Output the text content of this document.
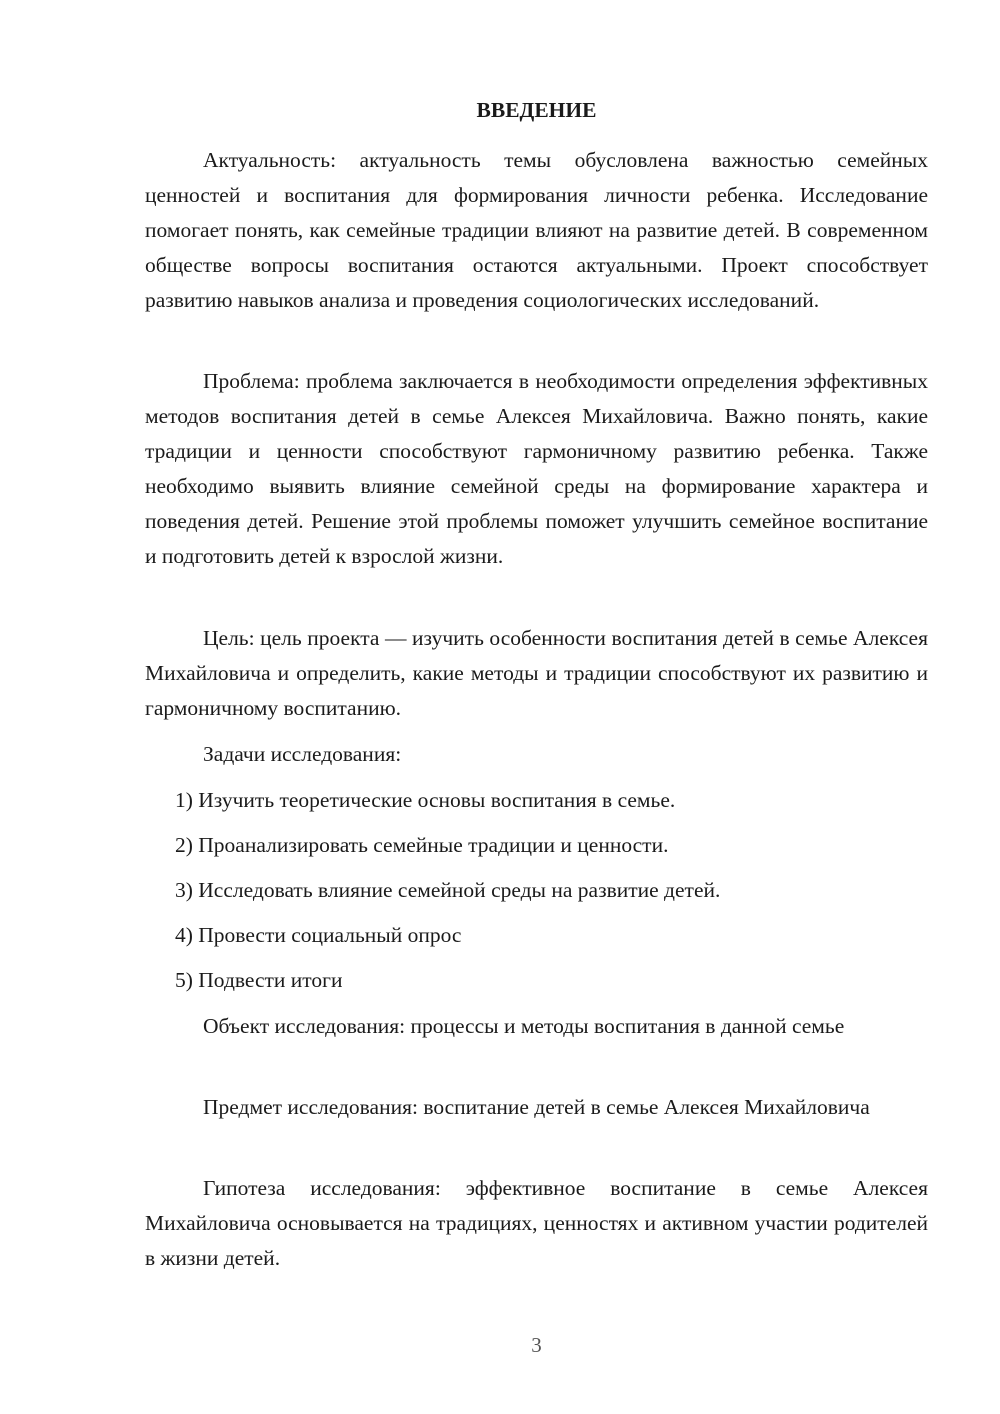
ВВЕДЕНИЕ

Актуальность: актуальность темы обусловлена важностью семейных ценностей и воспитания для формирования личности ребенка. Исследование помогает понять, как семейные традиции влияют на развитие детей. В современном обществе вопросы воспитания остаются актуальными. Проект способствует развитию навыков анализа и проведения социологических исследований.

Проблема: проблема заключается в необходимости определения эффективных методов воспитания детей в семье Алексея Михайловича. Важно понять, какие традиции и ценности способствуют гармоничному развитию ребенка. Также необходимо выявить влияние семейной среды на формирование характера и поведения детей. Решение этой проблемы поможет улучшить семейное воспитание и подготовить детей к взрослой жизни.

Цель: цель проекта — изучить особенности воспитания детей в семье Алексея Михайловича и определить, какие методы и традиции способствуют их развитию и гармоничному воспитанию.

Задачи исследования:

1) Изучить теоретические основы воспитания в семье.

2) Проанализировать семейные традиции и ценности.

3) Исследовать влияние семейной среды на развитие детей.

4) Провести социальный опрос

5) Подвести итоги

Объект исследования: процессы и методы воспитания в данной семье

Предмет исследования: воспитание детей в семье Алексея Михайловича

Гипотеза исследования: эффективное воспитание в семье Алексея Михайловича основывается на традициях, ценностях и активном участии родителей в жизни детей.

3
